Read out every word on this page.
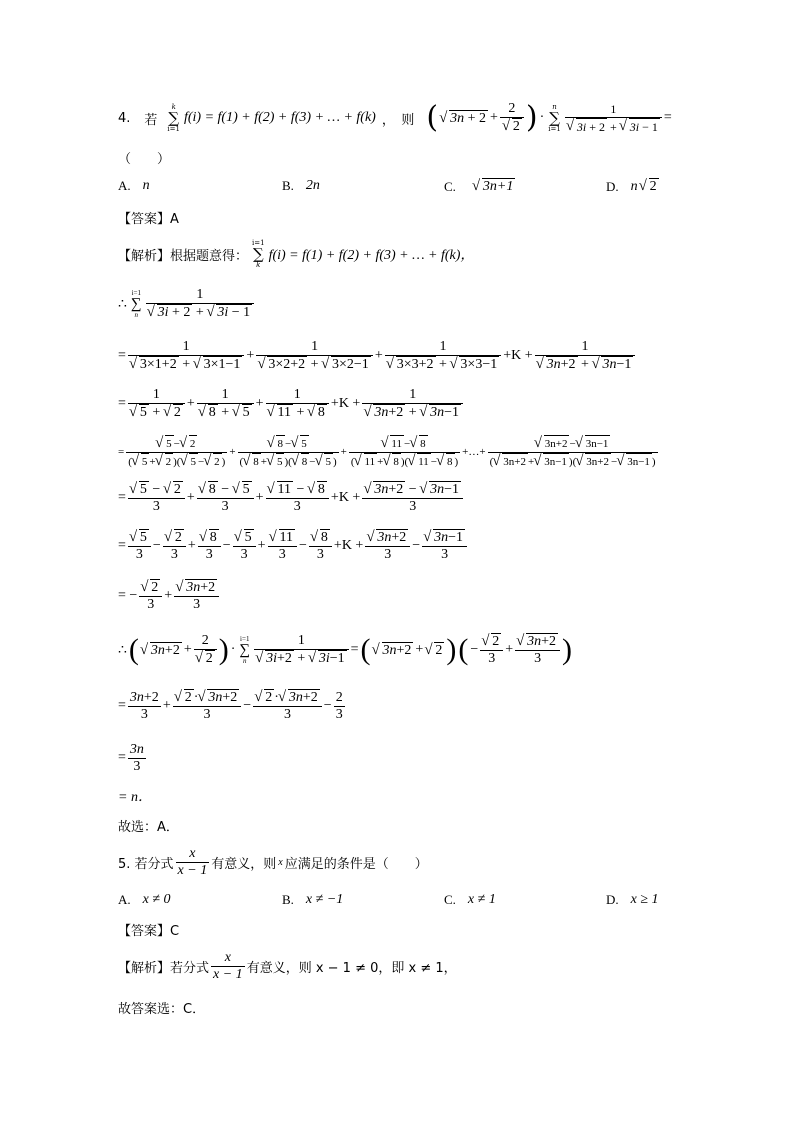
4. 若
k
∑
i=1
f(i) = f(1) + f(2) + f(3) + … + f(k) ，　则 ( √ 3n + 2 + 2
√ 2 ) ·
n
∑
i=1 1
√ 3i + 2 + √ 3i − 1 =
（　　）
A. n	B. 2n	C. √ 3n+1	D. n √ 2
【答案】A
【解析】根据题意得：
i=1
∑
k
f(i) = f(1) + f(2) + f(3) + … + f(k)，
∴
i=1
∑
n 1
√ 3i + 2 + √ 3i − 1
= 1
√ 3×1+2 + √ 3×1−1 + 1
√ 3×2+2 + √ 3×2−1 + 1
√ 3×3+2 + √ 3×3−1 +K + 1
√ 3n+2 + √ 3n−1
= 1
√ 5 + √ 2 + 1
√ 8 + √ 5 + 1
√ 11 + √ 8 +K + 1
√ 3n+2 + √ 3n−1
= √ $\frac{5 - √ 2}{( √ 5 + √ 2 )( √ 5 - √ 2 )}$ + √ $\frac{8 - √ 5}{( √ 8 + √ 5 )( √ 8 - √ 5 )}$ + √ $\frac{11 - √ 8}{( √ 11 + √ 8 )( √ 11 - √ 8 )}$ +…+ √ $\frac{3n+2 - √ 3n-1}{( √ 3n+2 + √ 3n-1 )( √ 3n+2 - √ 3n-1 )}$
= √ $\frac{5 - √ 2}{3}$ + √ $\frac{8 - √ 5}{3}$ + √ $\frac{11 - √ 8}{3} +K$ + √ $\frac{3n+2 - √ 3n-1}{3}$
= √ $\frac{5}{3}$ − √ $\frac{2}{3}$ + √ $\frac{8}{3}$ − √ $\frac{5}{3}$ + √ $\frac{11}{3}$ − √ $\frac{8}{3} +K$ + √ $\frac{3n+2}{3}$ − √ $\frac{3n-1}{3}$
= − √ $\frac{2}{3}$ + √ $\frac{3n+2}{3}$
∴ ( √ 3n+2 + 2
√ 2 ) ·
i=1
∑
n 1
√ 3i+2 + √ 3i−1 = ( √ 3n+2 + √ 2 ) ( − √ $\frac{2}{3}$ + √ $\frac{3n+2}{3}$ )
= $\frac{3n+2}{3}$ + √ $\frac{2 \cdot √ 3n+2}{3}$ − √ $\frac{2 \cdot √ 3n+2}{3} - \frac{2}{3}$
= $\frac{3n}{3}$
= n．
故选：A．
5. 若分式 $\frac{x}{x - 1}$ 有意义，则 x 应满足的条件是（　　）
A. x ≠ 0	B. x ≠ −1	C. x ≠ 1	D. x ≥ 1
【答案】C
【解析】若分式 $\frac{x}{x - 1}$ 有意义，则 x − 1 ≠ 0，即 x ≠ 1，
故答案选：C．
